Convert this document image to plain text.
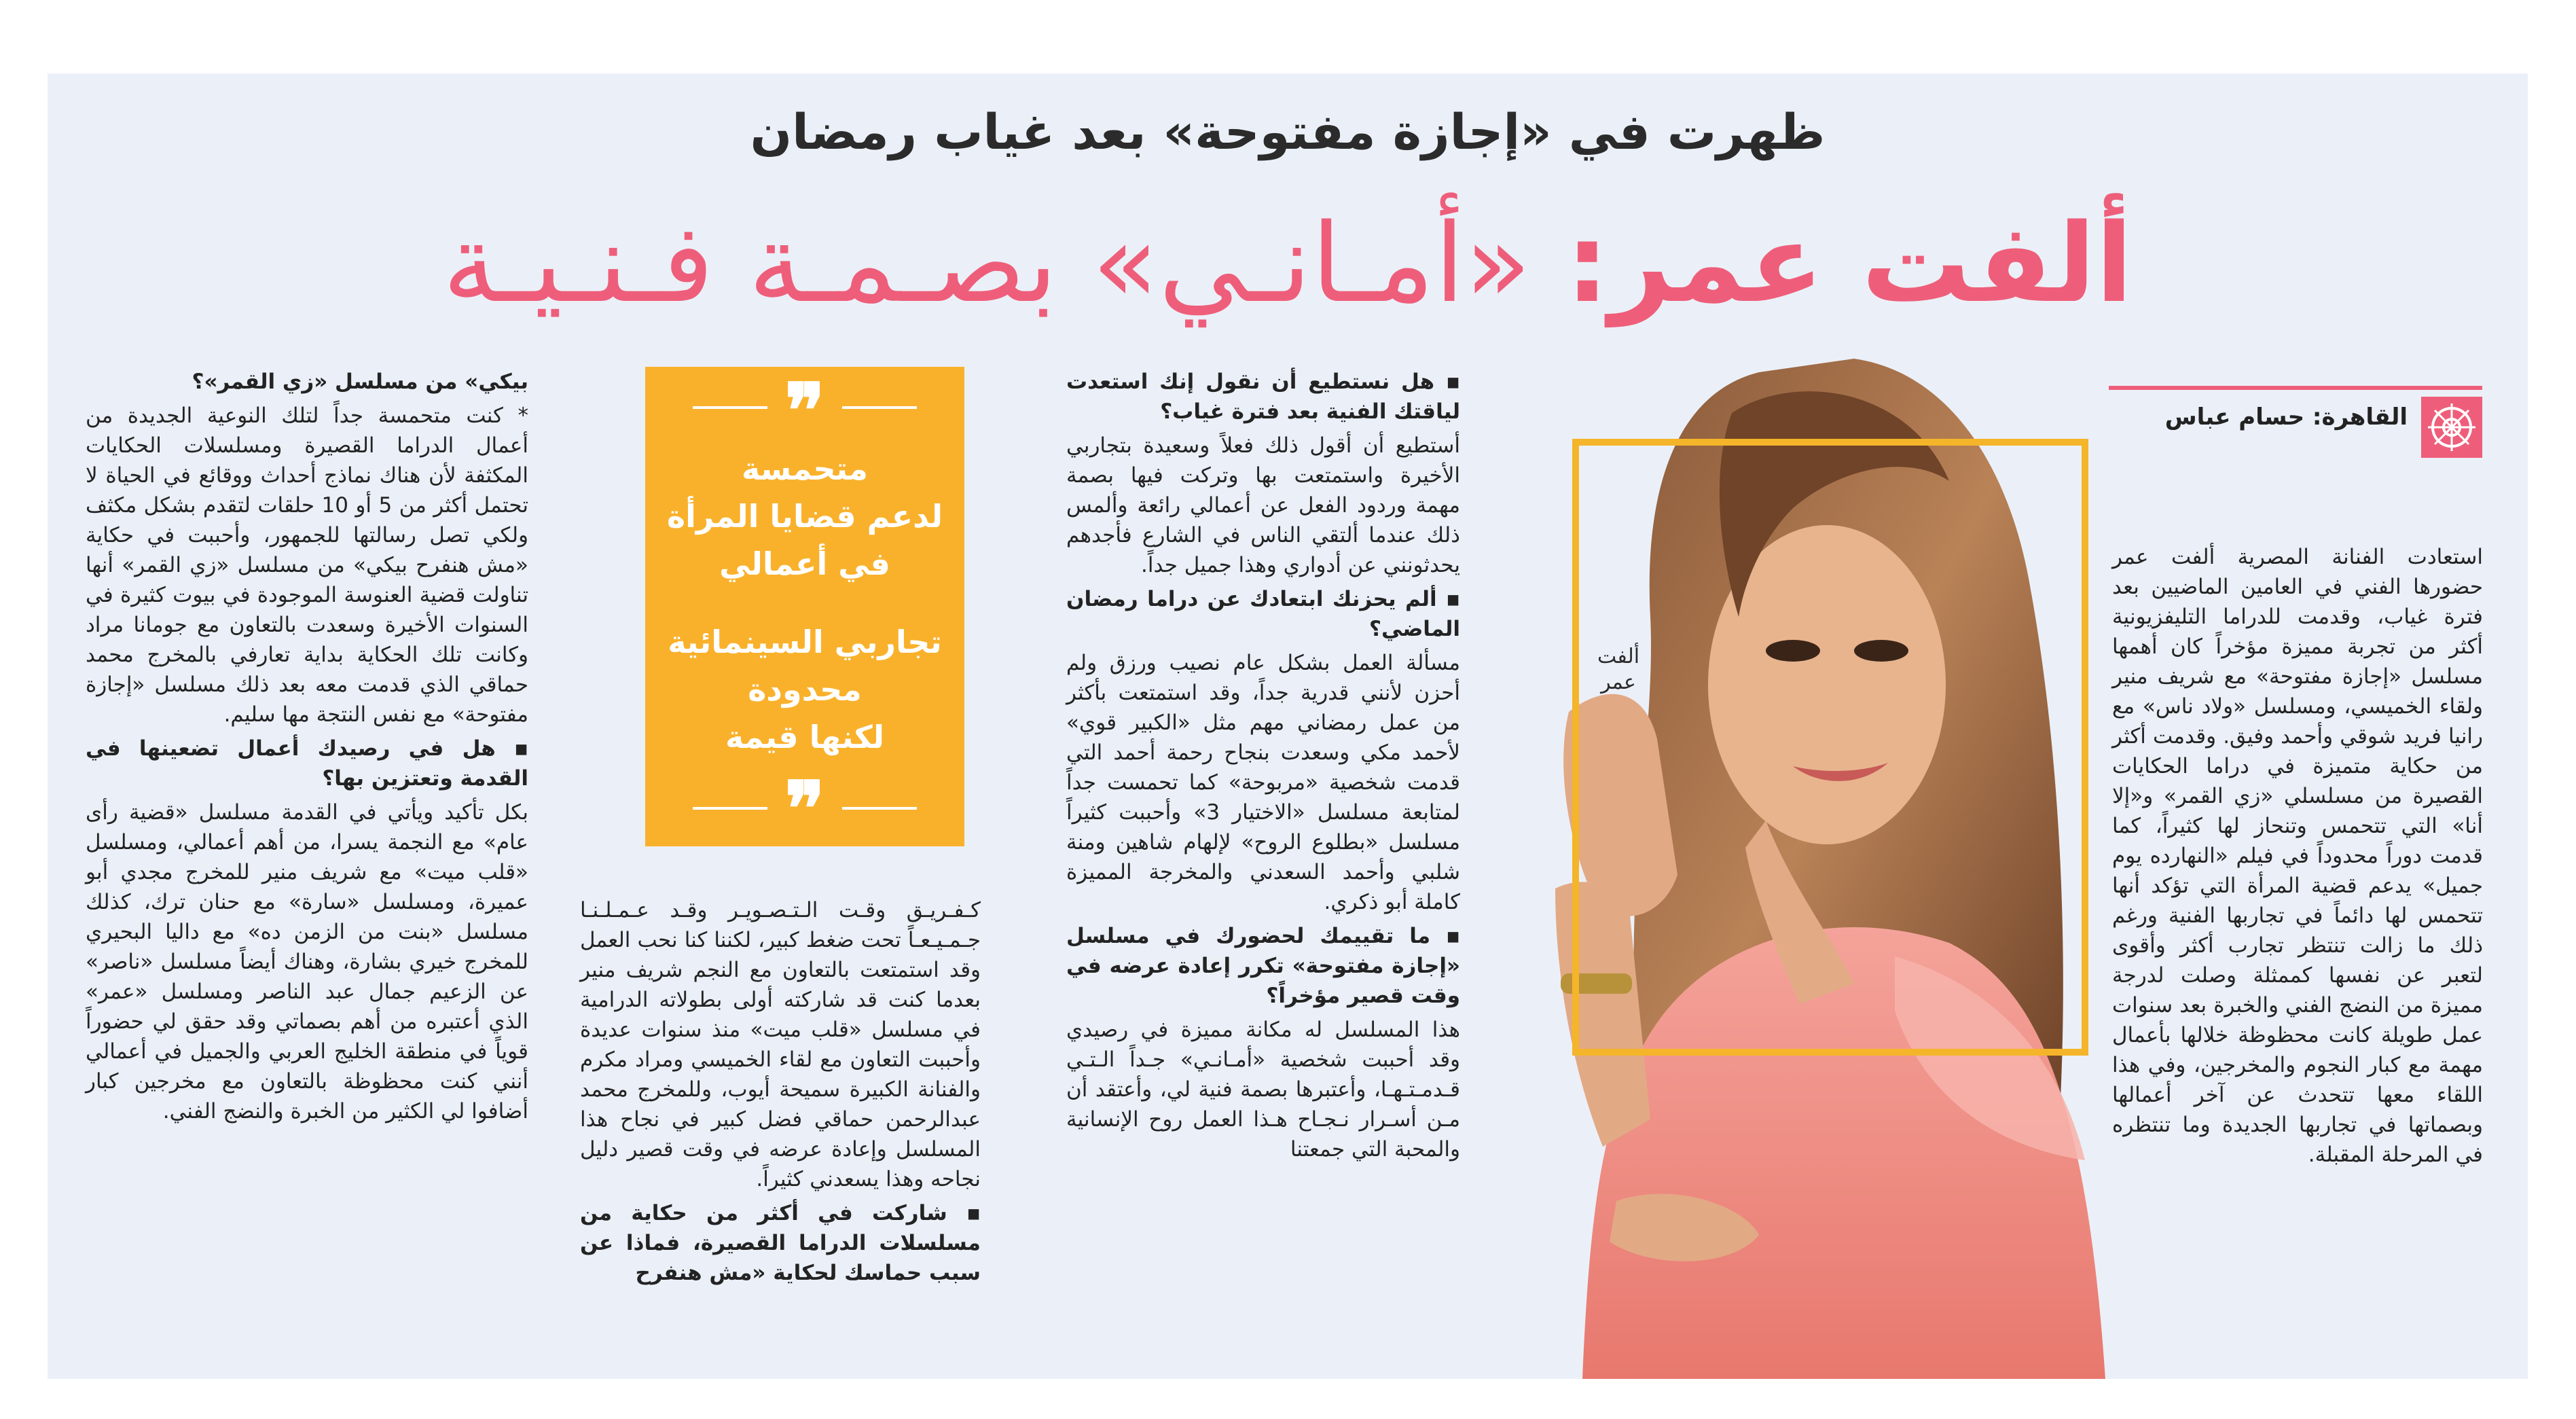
ظهرت في «إجازة مفتوحة» بعد غياب رمضان
ألفت عمر: «أمـانـي» بصـمـة فـنـيـة
ألفت
عمر
القاهرة: حسام عباس

استعادت الفنانة المصرية ألفت عمر حضورها الفني في العامين الماضيين بعد فترة غياب، وقدمت للدراما التليفزيونية أكثر من تجربة مميزة مؤخراً كان أهمها مسلسل «إجازة مفتوحة» مع شريف منير ولقاء الخميسي، ومسلسل «ولاد ناس» مع رانيا فريد شوقي وأحمد وفيق. وقدمت أكثر من حكاية متميزة في دراما الحكايات القصيرة من مسلسلي «زي القمر» و«إلا أنا» التي تتحمس وتنحاز لها كثيراً، كما قدمت دوراً محدوداً في فيلم «النهارده يوم جميل» يدعم قضية المرأة التي تؤكد أنها تتحمس لها دائماً في تجاربها الفنية ورغم ذلك ما زالت تنتظر تجارب أكثر وأقوى لتعبر عن نفسها كممثلة وصلت لدرجة مميزة من النضج الفني والخبرة بعد سنوات عمل طويلة كانت محظوظة خلالها بأعمال مهمة مع كبار النجوم والمخرجين، وفي هذا اللقاء معها تتحدث عن آخر أعمالها وبصماتها في تجاربها الجديدة وما تنتظره في المرحلة المقبلة.

▪ هل نستطيع أن نقول إنك استعدت لياقتك الفنية بعد فترة غياب؟

أستطيع أن أقول ذلك فعلاً وسعيدة بتجاربي الأخيرة واستمتعت بها وتركت فيها بصمة مهمة وردود الفعل عن أعمالي رائعة وألمس ذلك عندما ألتقي الناس في الشارع فأجدهم يحدثونني عن أدواري وهذا جميل جداً.

▪ ألم يحزنك ابتعادك عن دراما رمضان الماضي؟

مسألة العمل بشكل عام نصيب ورزق ولم أحزن لأنني قدرية جداً، وقد استمتعت بأكثر من عمل رمضاني مهم مثل «الكبير قوي» لأحمد مكي وسعدت بنجاح رحمة أحمد التي قدمت شخصية «مربوحة» كما تحمست جداً لمتابعة مسلسل «الاختيار 3» وأحببت كثيراً مسلسل «بطلوع الروح» لإلهام شاهين ومنة شلبي وأحمد السعدني والمخرجة المميزة كاملة أبو ذكري.

▪ ما تقييمك لحضورك في مسلسل «إجازة مفتوحة» تكرر إعادة عرضه في وقت قصير مؤخراً؟

هذا المسلسل له مكانة مميزة في رصيدي وقد أحببت شخصية «أمـانـي» جـداً الـتـي قـدمـتـهـا، وأعتبرها بصمة فنية لي، وأعتقد أن مـن أسـرار نـجـاح هـذا العمل روح الإنسانية والمحبة التي جمعتنا

❞
متحمسة
لدعم قضايا المرأة
في أعمالي
تجاربي السينمائية
محدودة
لكنها قيمة
❞

كـفـريـق وقـت الـتـصـويـر وقـد عـمـلـنـا جـمـيـعـاً تحت ضغط كبير، لكننا كنا نحب العمل وقد استمتعت بالتعاون مع النجم شريف منير بعدما كنت قد شاركته أولى بطولاته الدرامية في مسلسل «قلب ميت» منذ سنوات عديدة وأحببت التعاون مع لقاء الخميسي ومراد مكرم والفنانة الكبيرة سميحة أيوب، وللمخرج محمد عبدالرحمن حماقي فضل كبير في نجاح هذا المسلسل وإعادة عرضه في وقت قصير دليل نجاحه وهذا يسعدني كثيراً.

▪ شاركت في أكثر من حكاية من مسلسلات الدراما القصيرة، فماذا عن سبب حماسك لحكاية «مش هنفرح

بيكي» من مسلسل «زي القمر»؟

* كنت متحمسة جداً لتلك النوعية الجديدة من أعمال الدراما القصيرة ومسلسلات الحكايات المكثفة لأن هناك نماذج أحداث ووقائع في الحياة لا تحتمل أكثر من 5 أو 10 حلقات لتقدم بشكل مكثف ولكي تصل رسالتها للجمهور، وأحببت في حكاية «مش هنفرح بيكي» من مسلسل «زي القمر» أنها تناولت قضية العنوسة الموجودة في بيوت كثيرة في السنوات الأخيرة وسعدت بالتعاون مع جومانا مراد وكانت تلك الحكاية بداية تعارفي بالمخرج محمد حماقي الذي قدمت معه بعد ذلك مسلسل «إجازة مفتوحة» مع نفس النتجة مها سليم.

▪ هل في رصيدك أعمال تضعينها في القدمة وتعتزين بها؟

بكل تأكيد ويأتي في القدمة مسلسل «قضية رأى عام» مع النجمة يسرا، من أهم أعمالي، ومسلسل «قلب ميت» مع شريف منير للمخرج مجدي أبو عميرة، ومسلسل «سارة» مع حنان ترك، كذلك مسلسل «بنت من الزمن ده» مع داليا البحيري للمخرج خيري بشارة، وهناك أيضاً مسلسل «ناصر» عن الزعيم جمال عبد الناصر ومسلسل «عمر» الذي أعتبره من أهم بصماتي وقد حقق لي حضوراً قوياً في منطقة الخليج العربي والجميل في أعمالي أنني كنت محظوظة بالتعاون مع مخرجين كبار أضافوا لي الكثير من الخبرة والنضج الفني.
